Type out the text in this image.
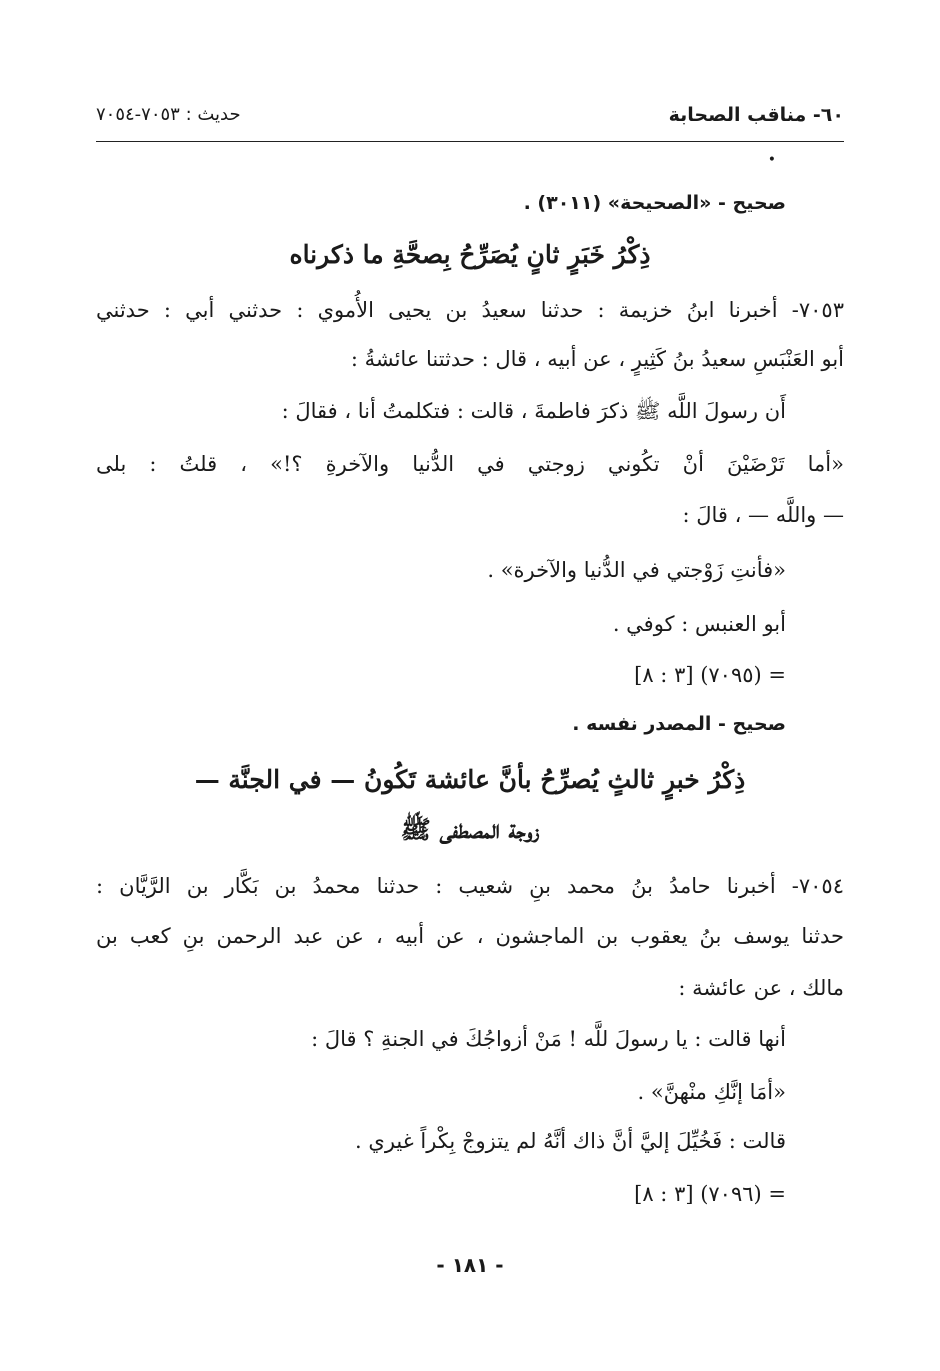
٦٠- مناقب الصحابة
حديث : ٧٠٥٣-٧٠٥٤
•
صحيح - «الصحيحة» (٣٠١١) .
ذِكْرُ خَبَرٍ ثانٍ يُصَرِّحُ بِصحَّةِ ما ذكرناه
٧٠٥٣- أخبرنا ابنُ خزيمة : حدثنا سعيدُ بن يحيى الأُموي : حدثني أبي : حدثني
أبو العَنْبَسِ سعيدُ بنُ كَثِيرٍ ، عن أبيه ، قال : حدثتنا عائشةُ :
أَن رسولَ اللَّه ﷺ ذكرَ فاطمةَ ، قالت : فتكلمتُ أنا ، فقالَ :
«أما تَرْضَيْنَ أنْ تكُوني زوجتي في الدُّنيا والآخرةِ ؟!» ، قلتُ : بلى
— واللَّه — ، قالَ :
«فأنتِ زَوْجتي في الدُّنيا والآخرة» .
أبو العنبس : كوفي .
= (٧٠٩٥) [٣ : ٨]
صحيح - المصدر نفسه .
ذِكْرُ خبرٍ ثالثٍ يُصرِّحُ بأنَّ عائشة تَكُونُ — في الجنَّة —
زوجة المصطفى ﷺ
٧٠٥٤- أخبرنا حامدُ بنُ محمد بنِ شعيب : حدثنا محمدُ بن بَكَّار بن الرَّيَّان :
حدثنا يوسف بنُ يعقوب بن الماجشون ، عن أبيه ، عن عبد الرحمن بنِ كعب بن
مالك ، عن عائشة :
أنها قالت : يا رسولَ للَّه ! مَنْ أزواجُكَ في الجنةِ ؟ قالَ :
«أمَا إنَّكِ منْهنَّ» .
قالت : فَخُيِّلَ إليَّ أنَّ ذاك أنَّهُ لم يتزوجْ بِكْراً غيري .
= (٧٠٩٦) [٣ : ٨]
- ١٨١ -
